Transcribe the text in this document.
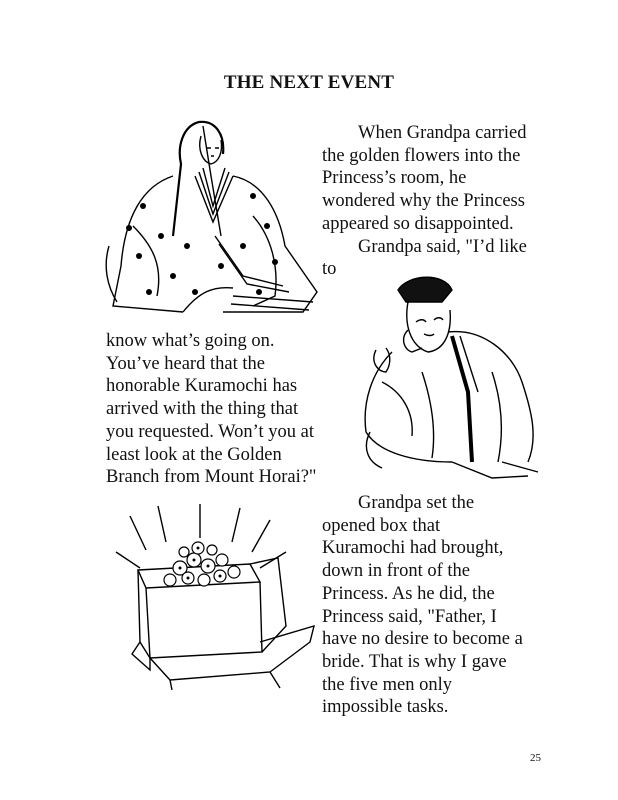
THE NEXT EVENT
When Grandpa carried
the golden flowers into the
Princess’s room, he
wondered why the Princess
appeared so disappointed.
Grandpa said, "I’d like
to
know what’s going on.
You’ve heard that the
honorable Kuramochi has
arrived with the thing that
you requested. Won’t you at
least look at the Golden
Branch from Mount Horai?"
Grandpa set the
opened box that
Kuramochi had brought,
down in front of the
Princess. As he did, the
Princess said, "Father, I
have no desire to become a
bride. That is why I gave
the five men only
impossible tasks.
25
